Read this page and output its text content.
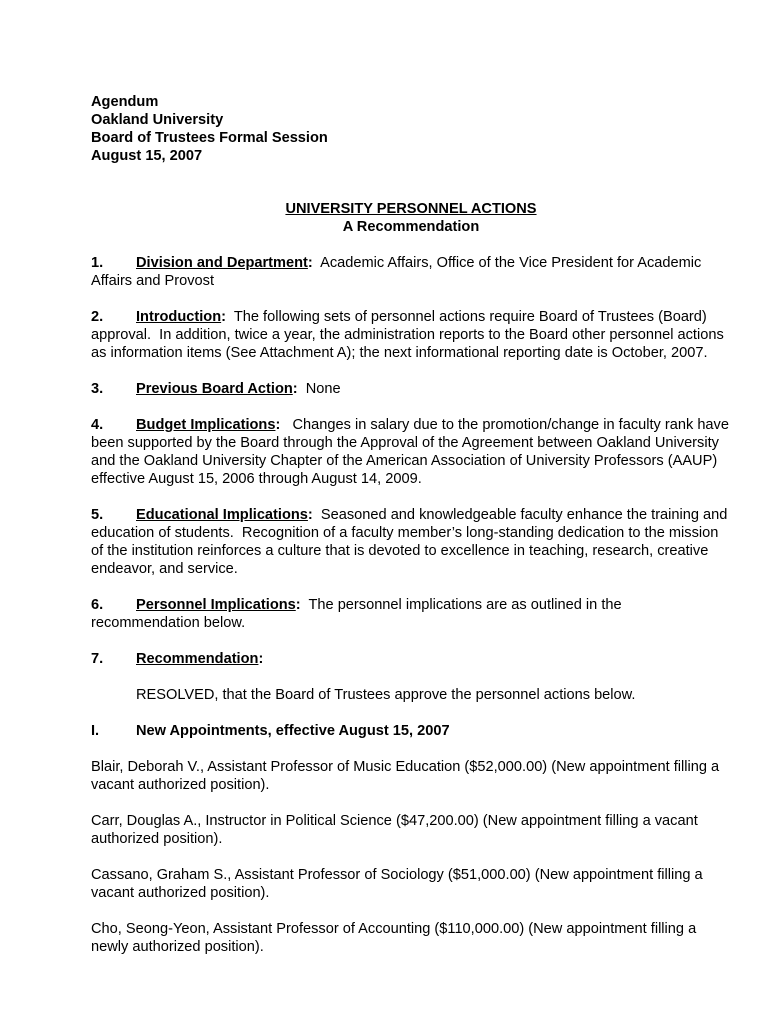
Agendum
Oakland University
Board of Trustees Formal Session
August 15, 2007
UNIVERSITY PERSONNEL ACTIONS
A Recommendation
1. Division and Department:  Academic Affairs, Office of the Vice President for Academic Affairs and Provost
2. Introduction:  The following sets of personnel actions require Board of Trustees (Board) approval.  In addition, twice a year, the administration reports to the Board other personnel actions as information items (See Attachment A); the next informational reporting date is October, 2007.
3. Previous Board Action:  None
4. Budget Implications:   Changes in salary due to the promotion/change in faculty rank have been supported by the Board through the Approval of the Agreement between Oakland University and the Oakland University Chapter of the American Association of University Professors (AAUP) effective August 15, 2006 through August 14, 2009.
5. Educational Implications:  Seasoned and knowledgeable faculty enhance the training and education of students.  Recognition of a faculty member’s long-standing dedication to the mission of the institution reinforces a culture that is devoted to excellence in teaching, research, creative endeavor, and service.
6. Personnel Implications:  The personnel implications are as outlined in the recommendation below.
7. Recommendation:
RESOLVED, that the Board of Trustees approve the personnel actions below.
I.	New Appointments, effective August 15, 2007
Blair, Deborah V., Assistant Professor of Music Education ($52,000.00) (New appointment filling a vacant authorized position).
Carr, Douglas A., Instructor in Political Science ($47,200.00) (New appointment filling a vacant authorized position).
Cassano, Graham S., Assistant Professor of Sociology ($51,000.00) (New appointment filling a vacant authorized position).
Cho, Seong-Yeon, Assistant Professor of Accounting ($110,000.00) (New appointment filling a newly authorized position).
